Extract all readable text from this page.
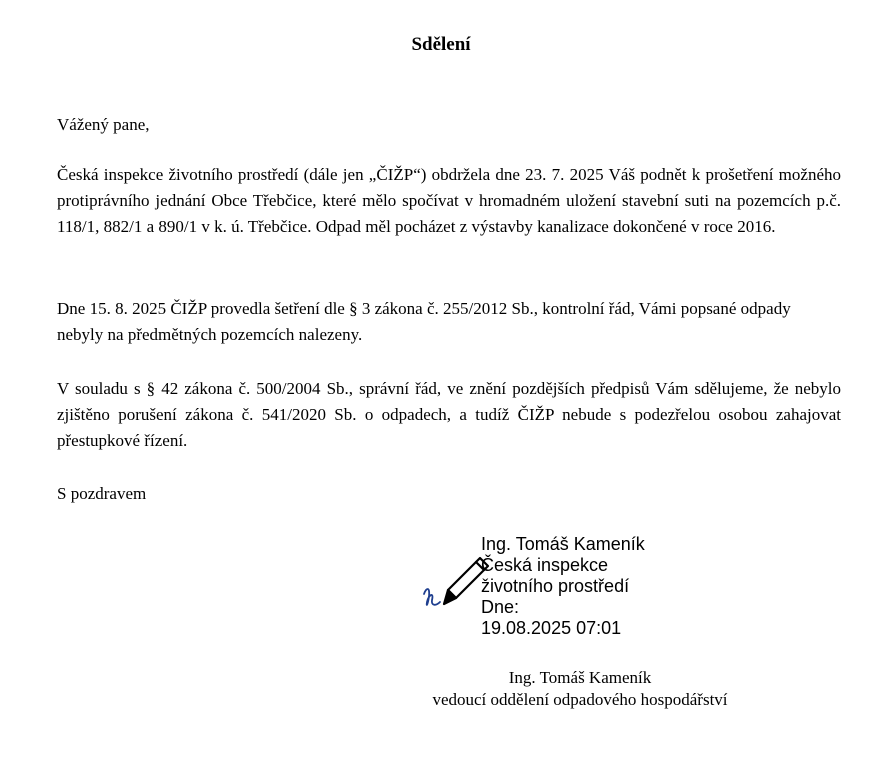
Sdělení
Vážený pane,
Česká inspekce životního prostředí (dále jen „ČIŽP“) obdržela dne 23. 7. 2025 Váš podnět k prošetření možného protiprávního jednání Obce Třebčice, které mělo spočívat v hromadném uložení stavební suti na pozemcích p.č. 118/1, 882/1 a 890/1 v k. ú. Třebčice. Odpad měl pocházet z výstavby kanalizace dokončené v roce 2016.
Dne 15. 8. 2025 ČIŽP provedla šetření dle § 3 zákona č. 255/2012 Sb., kontrolní řád, Vámi popsané odpady nebyly na předmětných pozemcích nalezeny.
V souladu s § 42 zákona č. 500/2004 Sb., správní řád, ve znění pozdějších předpisů Vám sdělujeme, že nebylo zjištěno porušení zákona č. 541/2020 Sb. o odpadech, a tudíž ČIŽP nebude s podezřelou osobou zahajovat přestupkové řízení.
S pozdravem
Ing. Tomáš Kameník
Česká inspekce
životního prostředí
Dne:
19.08.2025 07:01
Ing. Tomáš Kameník
vedoucí oddělení odpadového hospodářství
